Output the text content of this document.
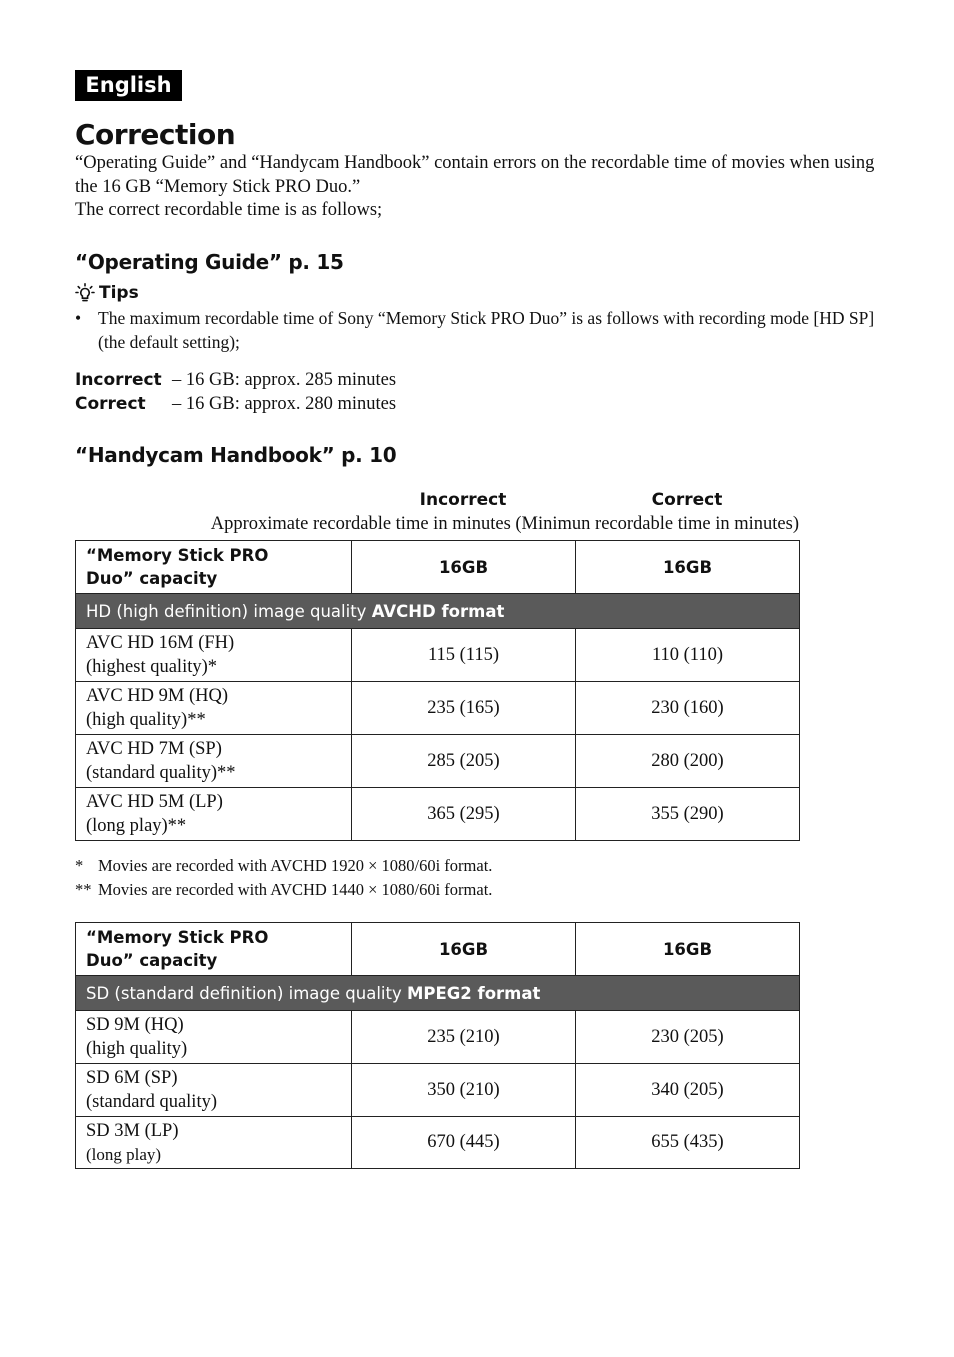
English
Correction

“Operating Guide” and “Handycam Handbook” contain errors on the recordable time of movies when using the 16 GB “Memory Stick PRO Duo.”

The correct recordable time is as follows;

“Operating Guide” p. 15
Tips
• The maximum recordable time of Sony “Memory Stick PRO Duo” is as follows with recording mode [HD SP] (the default setting);
Incorrect – 16 GB: approx. 285 minutes
Correct – 16 GB: approx. 280 minutes
“Handycam Handbook” p. 10
Incorrect	Correct
Approximate recordable time in minutes (Minimun recordable time in minutes)
“Memory Stick PRO
Duo” capacity	16GB	16GB
HD (high definition) image quality AVCHD format		

AVC HD 16M (FH)
(highest quality)*	115 (115)	110 (110)

AVC HD 9M (HQ)
(high quality)**	235 (165)	230 (160)

AVC HD 7M (SP)
(standard quality)**	285 (205)	280 (200)

AVC HD 5M (LP)
(long play)**	365 (295)	355 (290)
* Movies are recorded with AVCHD 1920 × 1080/60i format.
** Movies are recorded with AVCHD 1440 × 1080/60i format.
“Memory Stick PRO
Duo” capacity	16GB	16GB
SD (standard definition) image quality MPEG2 format		

SD 9M (HQ)
(high quality)	235 (210)	230 (205)

SD 6M (SP)
(standard quality)	350 (210)	340 (205)

SD 3M (LP)
(long play)	670 (445)	655 (435)
